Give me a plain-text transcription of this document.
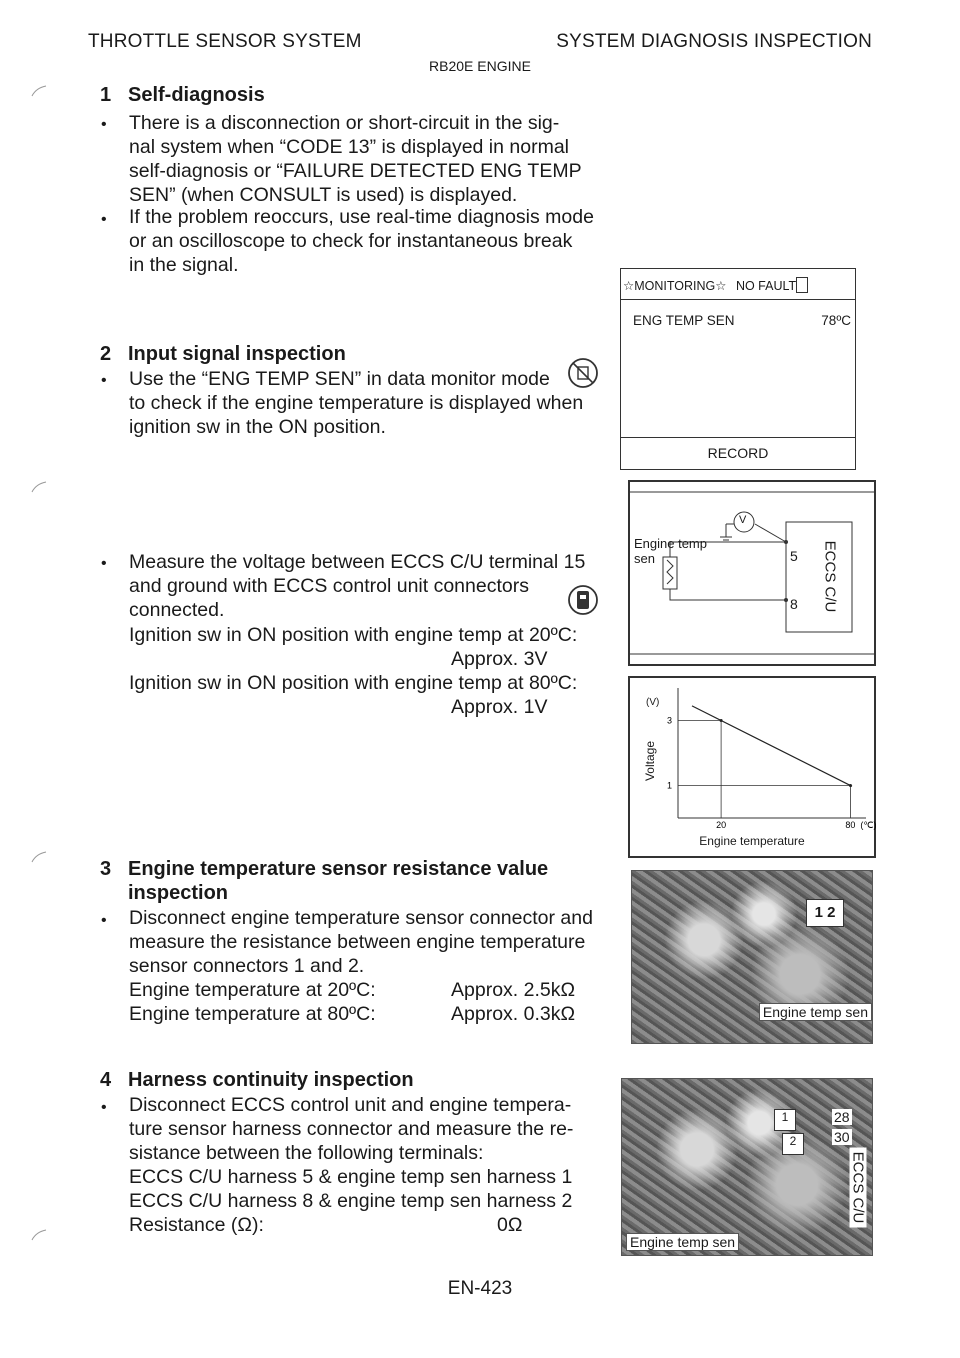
THROTTLE SENSOR SYSTEM	SYSTEM DIAGNOSIS INSPECTION
RB20E ENGINE
1 Self-diagnosis
• There is a disconnection or short-circuit in the sig-
nal system when “CODE 13” is displayed in normal
self-diagnosis or “FAILURE DETECTED ENG TEMP
SEN” (when CONSULT is used) is displayed.
• If the problem reoccurs, use real-time diagnosis mode
or an oscilloscope to check for instantaneous break
in the signal.
2 Input signal inspection
• Use the “ENG TEMP SEN” in data monitor mode
to check if the engine temperature is displayed when
ignition sw in the ON position.
• Measure the voltage between ECCS C/U terminal 15
and ground with ECCS control unit connectors
connected.
Ignition sw in ON position with engine temp at 20ºC:
Approx. 3V
Ignition sw in ON position with engine temp at 80ºC:
Approx. 1V
3 Engine temperature sensor resistance value
inspection
• Disconnect engine temperature sensor connector and
measure the resistance between engine temperature
sensor connectors 1 and 2.
Engine temperature at 20ºC:	Approx. 2.5kΩ
Engine temperature at 80ºC:	Approx. 0.3kΩ
4 Harness continuity inspection
• Disconnect ECCS control unit and engine tempera-
ture sensor harness connector and measure the re-
sistance between the following terminals:
ECCS C/U harness 5 & engine temp sen harness 1
ECCS C/U harness 8 & engine temp sen harness 2
Resistance (Ω):	0Ω
☆MONITORING☆ NO FAULT
ENG TEMP SEN	78ºC
RECORD
V
Engine temp sen	5
8 ECCS C/U
3
20
1
80 (℃)
(V)
Voltage
Engine temperature
1 2
Engine temp sen
1
2
28
30
ECCS C/U
Engine temp sen
EN-423
